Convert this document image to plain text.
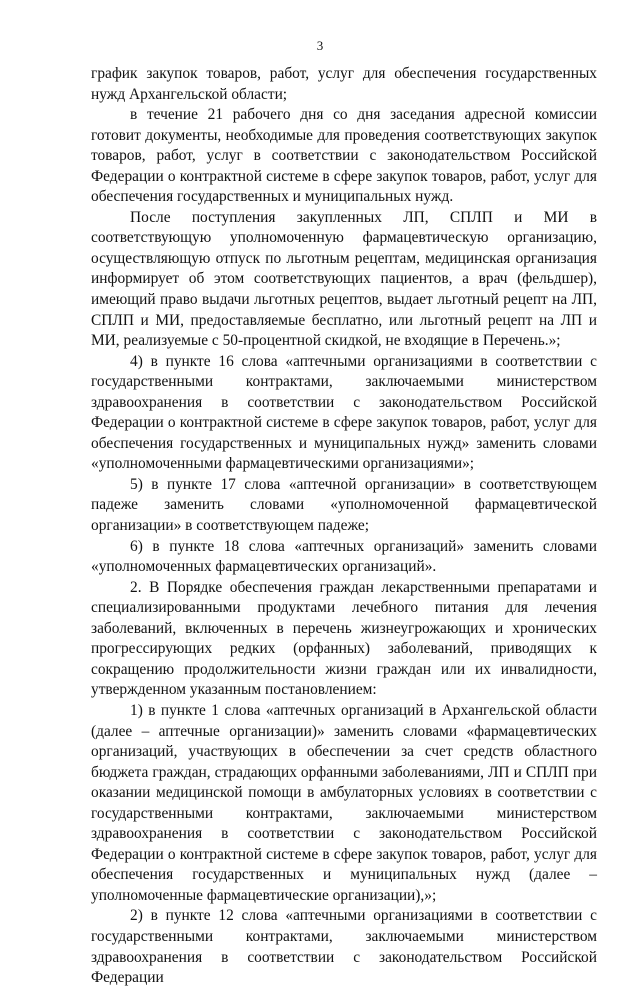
3

график закупок товаров, работ, услуг для обеспечения государственных нужд Архангельской области;

в течение 21 рабочего дня со дня заседания адресной комиссии готовит документы, необходимые для проведения соответствующих закупок товаров, работ, услуг в соответствии с законодательством Российской Федерации о контрактной системе в сфере закупок товаров, работ, услуг для обеспечения государственных и муниципальных нужд.

После поступления закупленных ЛП, СПЛП и МИ в соответствующую уполномоченную фармацевтическую организацию, осуществляющую отпуск по льготным рецептам, медицинская организация информирует об этом соответствующих пациентов, а врач (фельдшер), имеющий право выдачи льготных рецептов, выдает льготный рецепт на ЛП, СПЛП и МИ, предоставляемые бесплатно, или льготный рецепт на ЛП и МИ, реализуемые с 50-процентной скидкой, не входящие в Перечень.»;

4) в пункте 16 слова «аптечными организациями в соответствии с государственными контрактами, заключаемыми министерством здравоохранения в соответствии с законодательством Российской Федерации о контрактной системе в сфере закупок товаров, работ, услуг для обеспечения государственных и муниципальных нужд» заменить словами «уполномоченными фармацевтическими организациями»;

5) в пункте 17 слова «аптечной организации» в соответствующем падеже заменить словами «уполномоченной фармацевтической организации» в соответствующем падеже;

6) в пункте 18 слова «аптечных организаций» заменить словами «уполномоченных фармацевтических организаций».

2. В Порядке обеспечения граждан лекарственными препаратами и специализированными продуктами лечебного питания для лечения заболеваний, включенных в перечень жизнеугрожающих и хронических прогрессирующих редких (орфанных) заболеваний, приводящих к сокращению продолжительности жизни граждан или их инвалидности, утвержденном указанным постановлением:

1) в пункте 1 слова «аптечных организаций в Архангельской области (далее – аптечные организации)» заменить словами «фармацевтических организаций, участвующих в обеспечении за счет средств областного бюджета граждан, страдающих орфанными заболеваниями, ЛП и СПЛП при оказании медицинской помощи в амбулаторных условиях в соответствии с государственными контрактами, заключаемыми министерством здравоохранения в соответствии с законодательством Российской Федерации о контрактной системе в сфере закупок товаров, работ, услуг для обеспечения государственных и муниципальных нужд (далее – уполномоченные фармацевтические организации),»;

2) в пункте 12 слова «аптечными организациями в соответствии с государственными контрактами, заключаемыми министерством здравоохранения в соответствии с законодательством Российской Федерации
